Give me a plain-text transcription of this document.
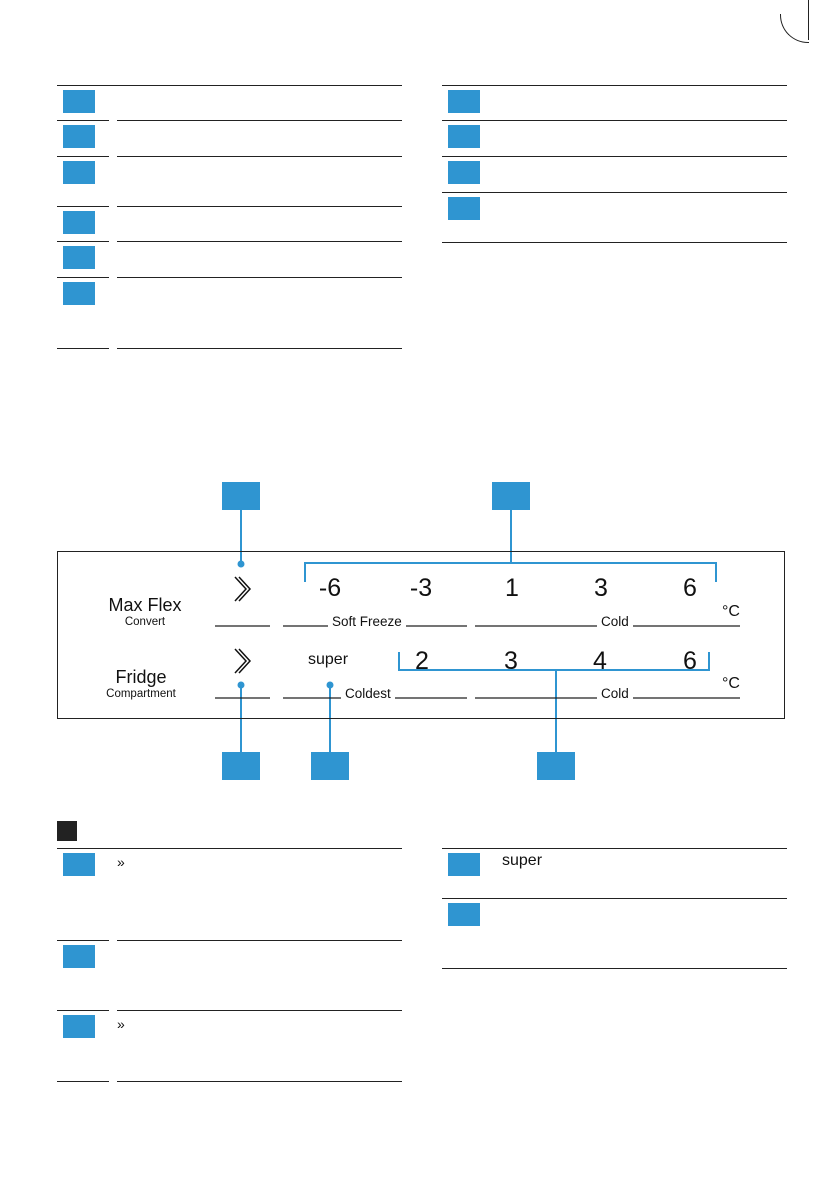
Max Flex
Convert
Fridge
Compartment
-6	-3	1	3	6
°C
Soft Freeze	Cold
super	2	3	4	6
°C
Coldest	Cold
»
»
super
